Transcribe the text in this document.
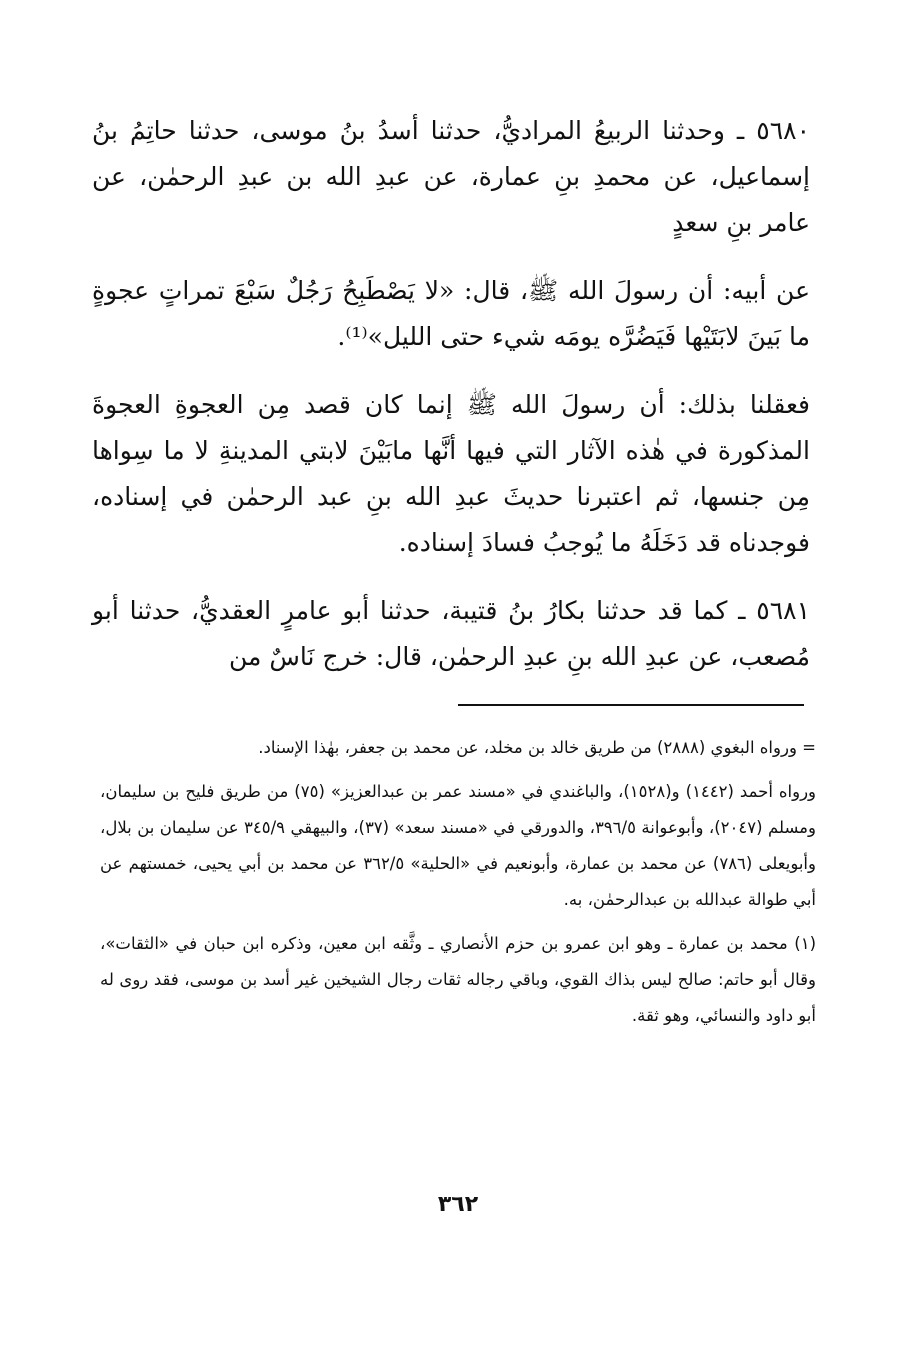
٥٦٨٠ ـ وحدثنا الربيعُ المراديُّ، حدثنا أسدُ بنُ موسى، حدثنا حاتِمُ بنُ إسماعيل، عن محمدِ بنِ عمارة، عن عبدِ الله بن عبدِ الرحمٰن، عن عامر بنِ سعدٍ

عن أبيه: أن رسولَ الله ﷺ، قال: «لا يَصْطَبِحُ رَجُلٌ سَبْعَ تمراتٍ عجوةٍ ما بَينَ لابَتَيْها فَيَضُرَّه يومَه شيء حتى الليل»⁽¹⁾.

فعقلنا بذلك: أن رسولَ الله ﷺ إنما كان قصد مِن العجوةِ العجوةَ المذكورة في هٰذه الآثار التي فيها أنَّها مابَيْنَ لابتي المدينةِ لا ما سِواها مِن جنسها، ثم اعتبرنا حديثَ عبدِ الله بنِ عبد الرحمٰن في إسناده، فوجدناه قد دَخَلَهُ ما يُوجبُ فسادَ إسناده.

٥٦٨١ ـ كما قد حدثنا بكارُ بنُ قتيبة، حدثنا أبو عامرٍ العقديُّ، حدثنا أبو مُصعب، عن عبدِ الله بنِ عبدِ الرحمٰن، قال: خرج نَاسٌ من

= ورواه البغوي (٢٨٨٨) من طريق خالد بن مخلد، عن محمد بن جعفر، بهٰذا الإسناد.

ورواه أحمد (١٤٤٢) و(١٥٢٨)، والباغندي في «مسند عمر بن عبدالعزيز» (٧٥) من طريق فليح بن سليمان، ومسلم (٢٠٤٧)، وأبوعوانة ٣٩٦/٥، والدورقي في «مسند سعد» (٣٧)، والبيهقي ٣٤٥/٩ عن سليمان بن بلال، وأبويعلى (٧٨٦) عن محمد بن عمارة، وأبونعيم في «الحلية» ٣٦٢/٥ عن محمد بن أبي يحيى، خمستهم عن أبي طوالة عبدالله بن عبدالرحمٰن، به.

(١) محمد بن عمارة ـ وهو ابن عمرو بن حزم الأنصاري ـ وثَّقه ابن معين، وذكره ابن حبان في «الثقات»، وقال أبو حاتم: صالح ليس بذاك القوي، وباقي رجاله ثقات رجال الشيخين غير أسد بن موسى، فقد روى له أبو داود والنسائي، وهو ثقة.

٣٦٢
